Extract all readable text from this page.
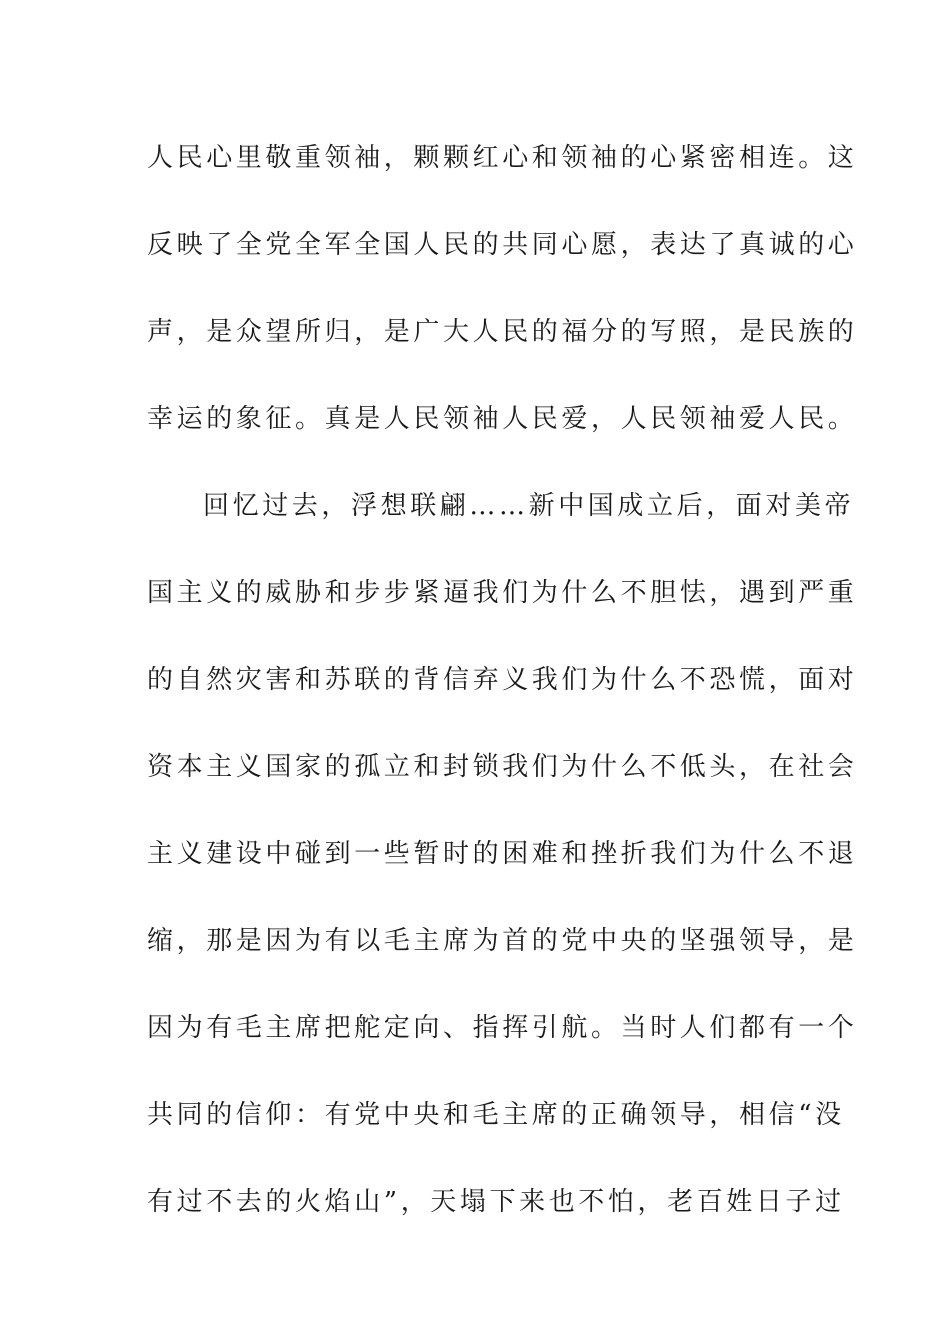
人民心里敬重领袖，颗颗红心和领袖的心紧密相连。这
反映了全党全军全国人民的共同心愿，表达了真诚的心
声，是众望所归，是广大人民的福分的写照，是民族的
幸运的象征。真是人民领袖人民爱，人民领袖爱人民。
回忆过去，浮想联翩……新中国成立后，面对美帝
国主义的威胁和步步紧逼我们为什么不胆怯，遇到严重
的自然灾害和苏联的背信弃义我们为什么不恐慌，面对
资本主义国家的孤立和封锁我们为什么不低头，在社会
主义建设中碰到一些暂时的困难和挫折我们为什么不退
缩，那是因为有以毛主席为首的党中央的坚强领导，是
因为有毛主席把舵定向、指挥引航。当时人们都有一个
共同的信仰：有党中央和毛主席的正确领导，相信“没
有过不去的火焰山”，天塌下来也不怕，老百姓日子过
